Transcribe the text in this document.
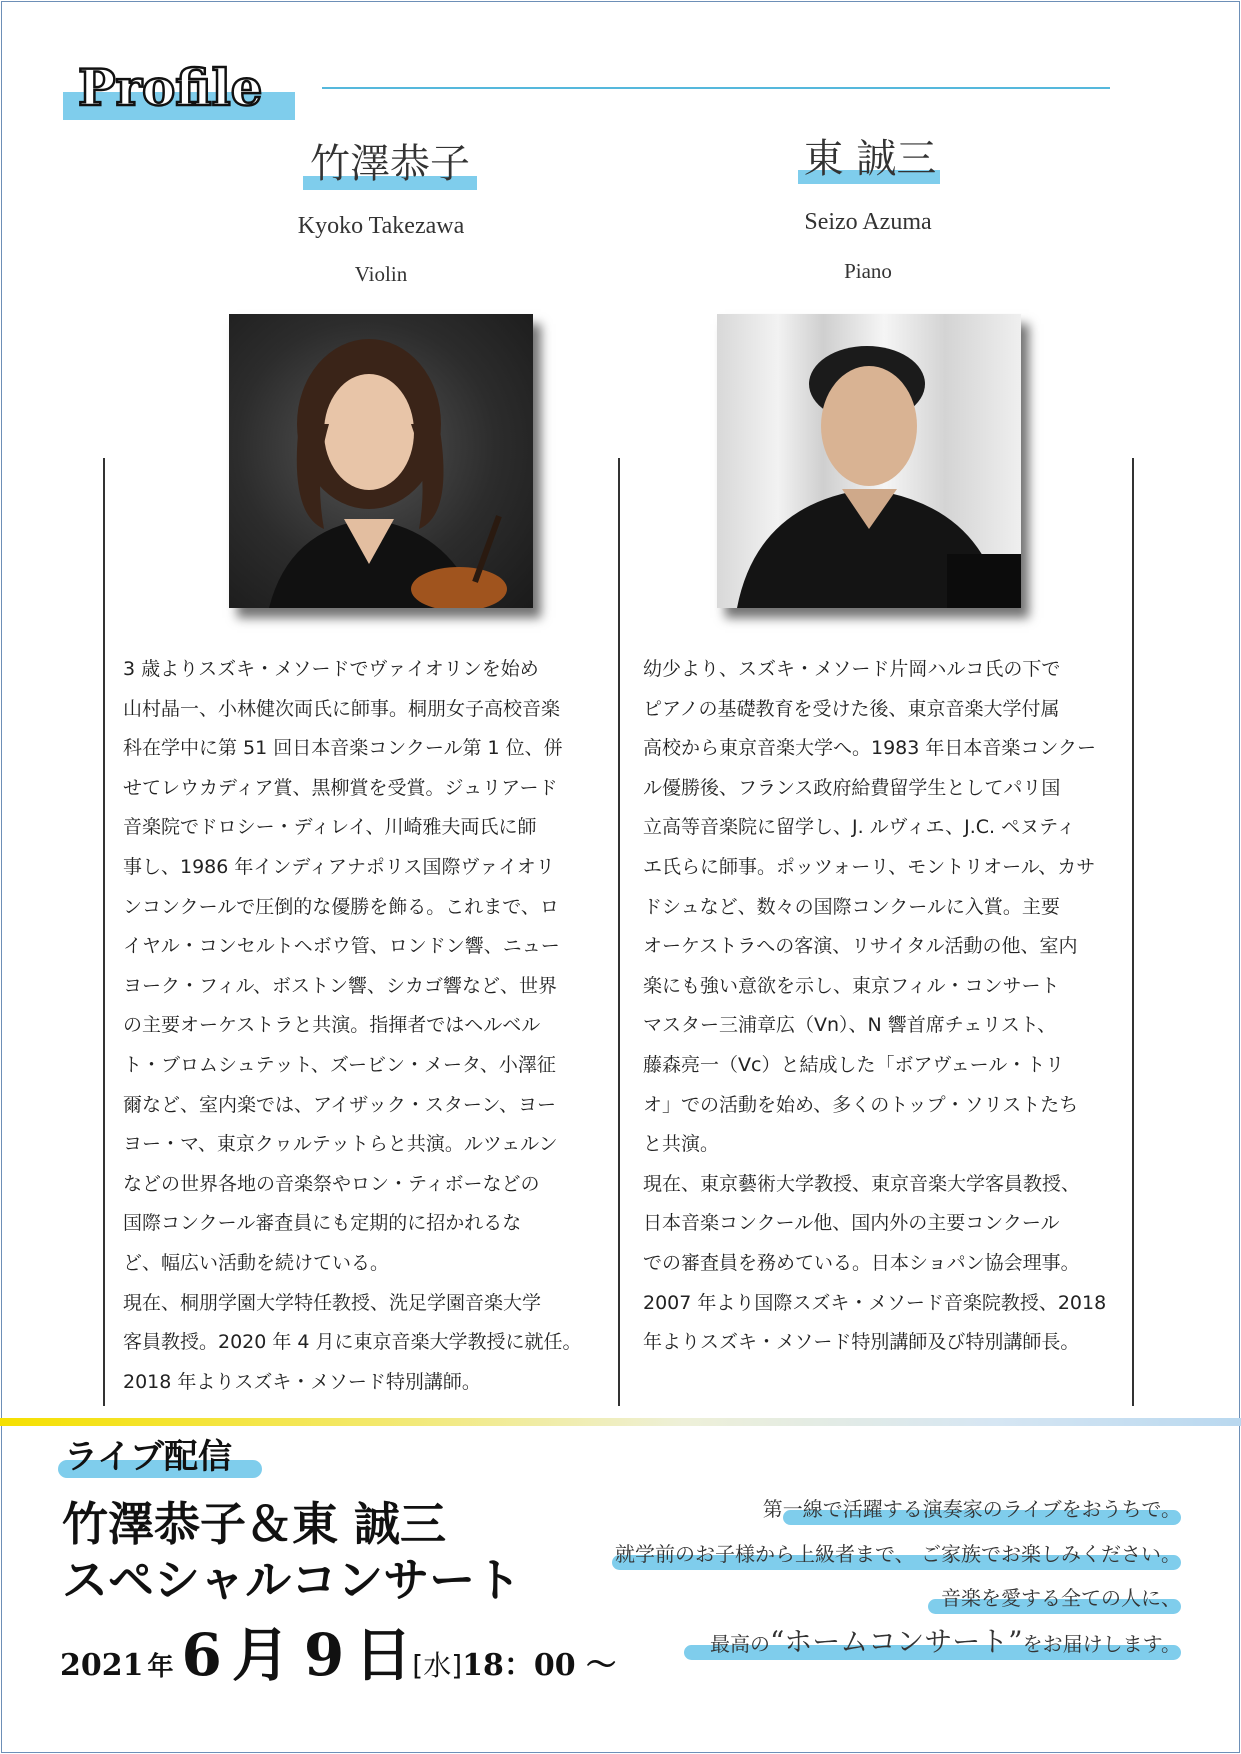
Profile
竹澤恭子
Kyoko Takezawa
Violin
東 誠三
Seizo Azuma
Piano

3 歳よりスズキ・メソードでヴァイオリンを始め

山村晶一、小林健次両氏に師事。桐朋女子高校音楽

科在学中に第 51 回日本音楽コンクール第 1 位、併

せてレウカディア賞、黒柳賞を受賞。ジュリアード

音楽院でドロシー・ディレイ、川崎雅夫両氏に師

事し、1986 年インディアナポリス国際ヴァイオリ

ンコンクールで圧倒的な優勝を飾る。これまで、ロ

イヤル・コンセルトヘボウ管、ロンドン響、ニュー

ヨーク・フィル、ボストン響、シカゴ響など、世界

の主要オーケストラと共演。指揮者ではヘルベル

ト・ブロムシュテット、ズービン・メータ、小澤征

爾など、室内楽では、アイザック・スターン、ヨー

ヨー・マ、東京クヮルテットらと共演。ルツェルン

などの世界各地の音楽祭やロン・ティボーなどの

国際コンクール審査員にも定期的に招かれるな

ど、幅広い活動を続けている。

現在、桐朋学園大学特任教授、洗足学園音楽大学

客員教授。2020 年 4 月に東京音楽大学教授に就任。

2018 年よりスズキ・メソード特別講師。

幼少より、スズキ・メソード片岡ハルコ氏の下で

ピアノの基礎教育を受けた後、東京音楽大学付属

高校から東京音楽大学へ。1983 年日本音楽コンクー

ル優勝後、フランス政府給費留学生としてパリ国

立高等音楽院に留学し、J. ルヴィエ、J.C. ペヌティ

エ氏らに師事。ポッツォーリ、モントリオール、カサ

ドシュなど、数々の国際コンクールに入賞。主要

オーケストラへの客演、リサイタル活動の他、室内

楽にも強い意欲を示し、東京フィル・コンサート

マスター三浦章広（Vn）、N 響首席チェリスト、

藤森亮一（Vc）と結成した「ボアヴェール・トリ

オ」での活動を始め、多くのトップ・ソリストたち

と共演。

現在、東京藝術大学教授、東京音楽大学客員教授、

日本音楽コンクール他、国内外の主要コンクール

での審査員を務めている。日本ショパン協会理事。

2007 年より国際スズキ・メソード音楽院教授、2018

年よりスズキ・メソード特別講師及び特別講師長。

ライブ配信
竹澤恭子＆東 誠三
スペシャルコンサート
2021 年 6 月 9 日[水]18：00 ～
第一線で活躍する演奏家のライブをおうちで。
就学前のお子様から上級者まで、 ご家族でお楽しみください。
音楽を愛する全ての人に、
最高の“ホームコンサート”をお届けします。
